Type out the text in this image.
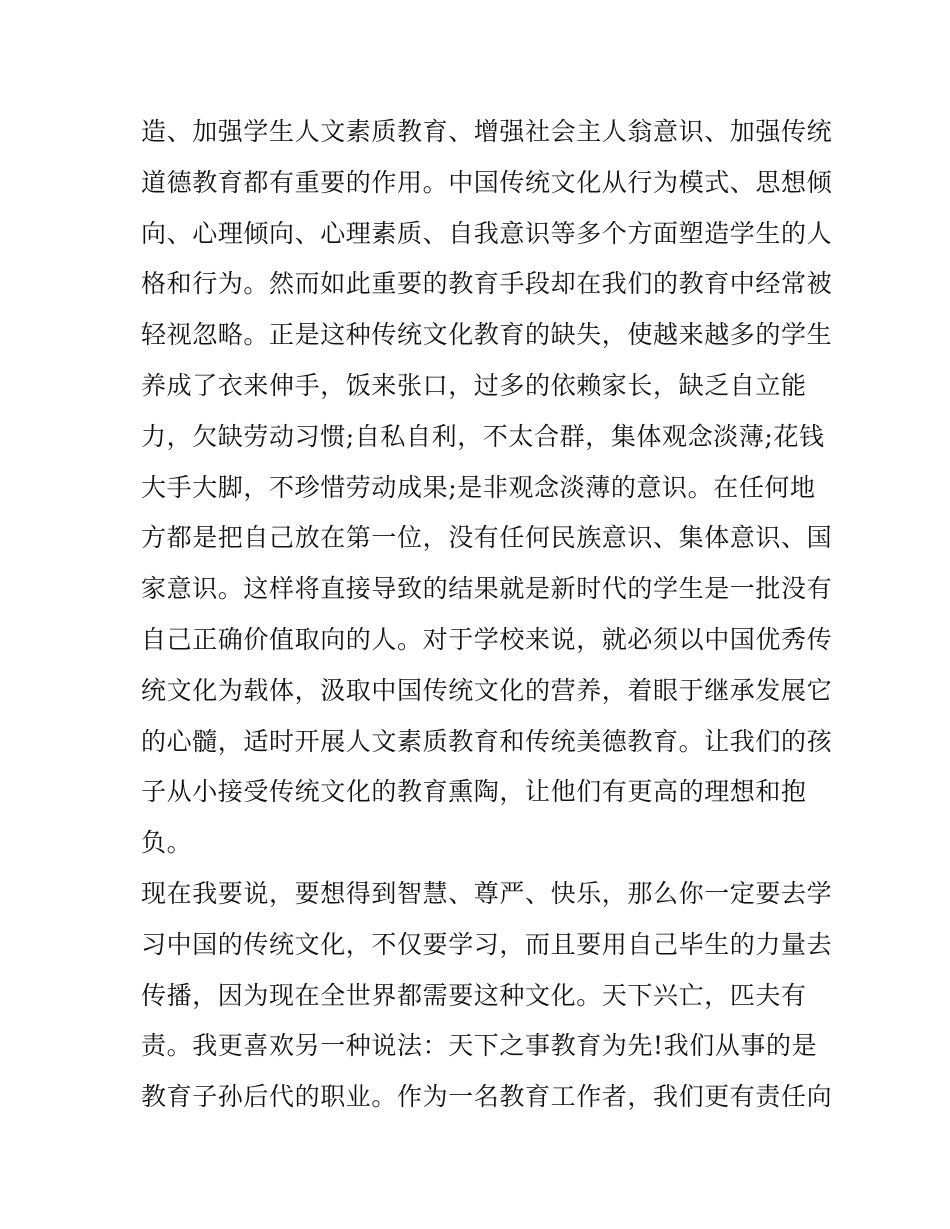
造、加强学生人文素质教育、增强社会主人翁意识、加强传统
道德教育都有重要的作用。中国传统文化从行为模式、思想倾
向、心理倾向、心理素质、自我意识等多个方面塑造学生的人
格和行为。然而如此重要的教育手段却在我们的教育中经常被
轻视忽略。正是这种传统文化教育的缺失，使越来越多的学生
养成了衣来伸手，饭来张口，过多的依赖家长，缺乏自立能
力，欠缺劳动习惯;自私自利，不太合群，集体观念淡薄;花钱
大手大脚，不珍惜劳动成果;是非观念淡薄的意识。在任何地
方都是把自己放在第一位，没有任何民族意识、集体意识、国
家意识。这样将直接导致的结果就是新时代的学生是一批没有
自己正确价值取向的人。对于学校来说，就必须以中国优秀传
统文化为载体，汲取中国传统文化的营养，着眼于继承发展它
的心髓，适时开展人文素质教育和传统美德教育。让我们的孩
子从小接受传统文化的教育熏陶，让他们有更高的理想和抱
负。
现在我要说，要想得到智慧、尊严、快乐，那么你一定要去学
习中国的传统文化，不仅要学习，而且要用自己毕生的力量去
传播，因为现在全世界都需要这种文化。天下兴亡，匹夫有
责。我更喜欢另一种说法：天下之事教育为先!我们从事的是
教育子孙后代的职业。作为一名教育工作者，我们更有责任向
